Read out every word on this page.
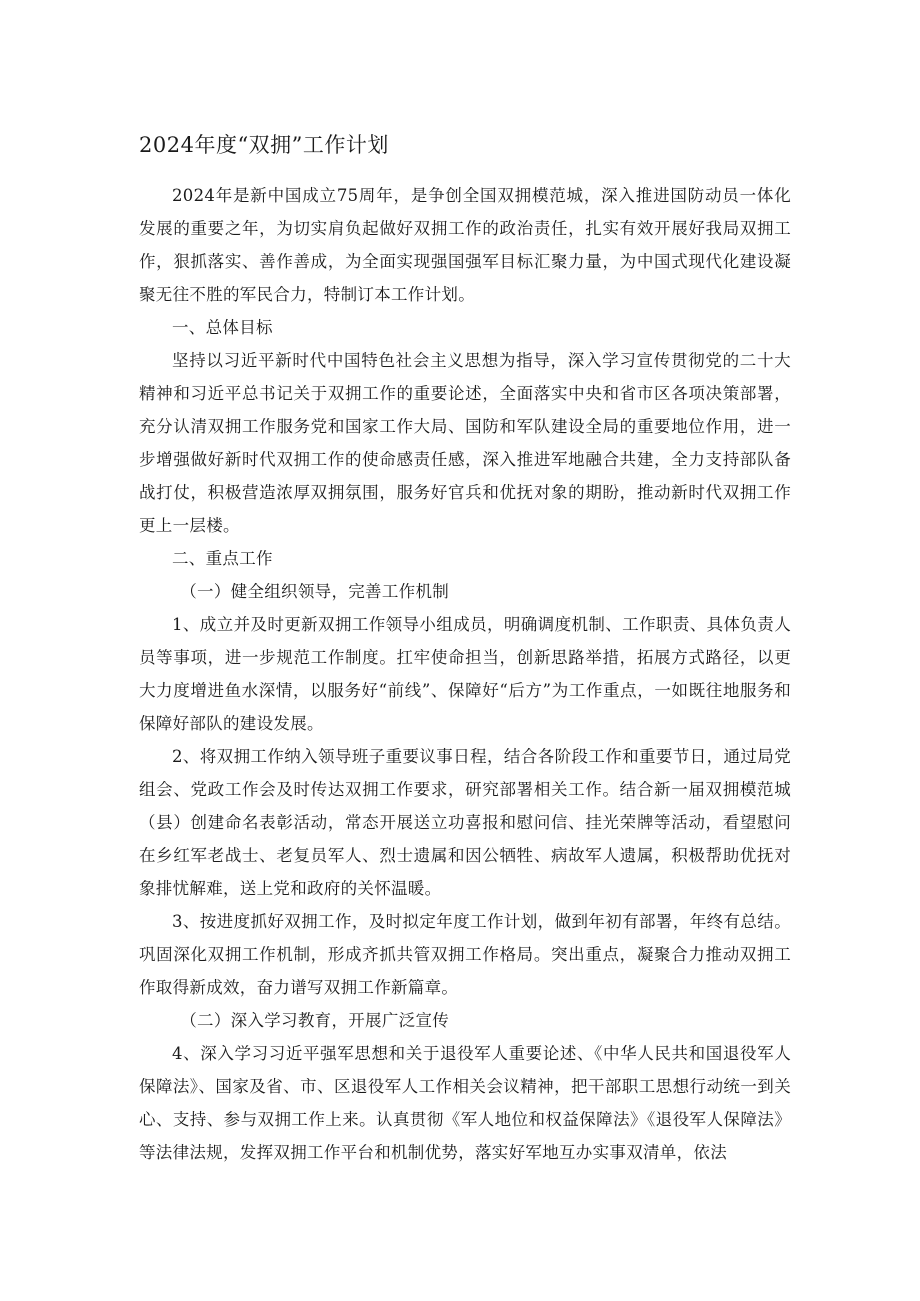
2024年度“双拥”工作计划

2024年是新中国成立75周年，是争创全国双拥模范城，深入推进国防动员一体化发展的重要之年，为切实肩负起做好双拥工作的政治责任，扎实有效开展好我局双拥工作，狠抓落实、善作善成，为全面实现强国强军目标汇聚力量，为中国式现代化建设凝聚无往不胜的军民合力，特制订本工作计划。

一、总体目标

坚持以习近平新时代中国特色社会主义思想为指导，深入学习宣传贯彻党的二十大精神和习近平总书记关于双拥工作的重要论述，全面落实中央和省市区各项决策部署，充分认清双拥工作服务党和国家工作大局、国防和军队建设全局的重要地位作用，进一步增强做好新时代双拥工作的使命感责任感，深入推进军地融合共建，全力支持部队备战打仗，积极营造浓厚双拥氛围，服务好官兵和优抚对象的期盼，推动新时代双拥工作更上一层楼。

二、重点工作

（一）健全组织领导，完善工作机制

1、成立并及时更新双拥工作领导小组成员，明确调度机制、工作职责、具体负责人员等事项，进一步规范工作制度。扛牢使命担当，创新思路举措，拓展方式路径，以更大力度增进鱼水深情，以服务好“前线”、保障好“后方”为工作重点，一如既往地服务和保障好部队的建设发展。

2、将双拥工作纳入领导班子重要议事日程，结合各阶段工作和重要节日，通过局党组会、党政工作会及时传达双拥工作要求，研究部署相关工作。结合新一届双拥模范城（县）创建命名表彰活动，常态开展送立功喜报和慰问信、挂光荣牌等活动，看望慰问在乡红军老战士、老复员军人、烈士遗属和因公牺牲、病故军人遗属，积极帮助优抚对象排忧解难，送上党和政府的关怀温暖。

3、按进度抓好双拥工作，及时拟定年度工作计划，做到年初有部署，年终有总结。巩固深化双拥工作机制，形成齐抓共管双拥工作格局。突出重点，凝聚合力推动双拥工作取得新成效，奋力谱写双拥工作新篇章。

（二）深入学习教育，开展广泛宣传

4、深入学习习近平强军思想和关于退役军人重要论述、《中华人民共和国退役军人保障法》、国家及省、市、区退役军人工作相关会议精神，把干部职工思想行动统一到关心、支持、参与双拥工作上来。认真贯彻《军人地位和权益保障法》《退役军人保障法》等法律法规，发挥双拥工作平台和机制优势，落实好军地互办实事双清单，依法
